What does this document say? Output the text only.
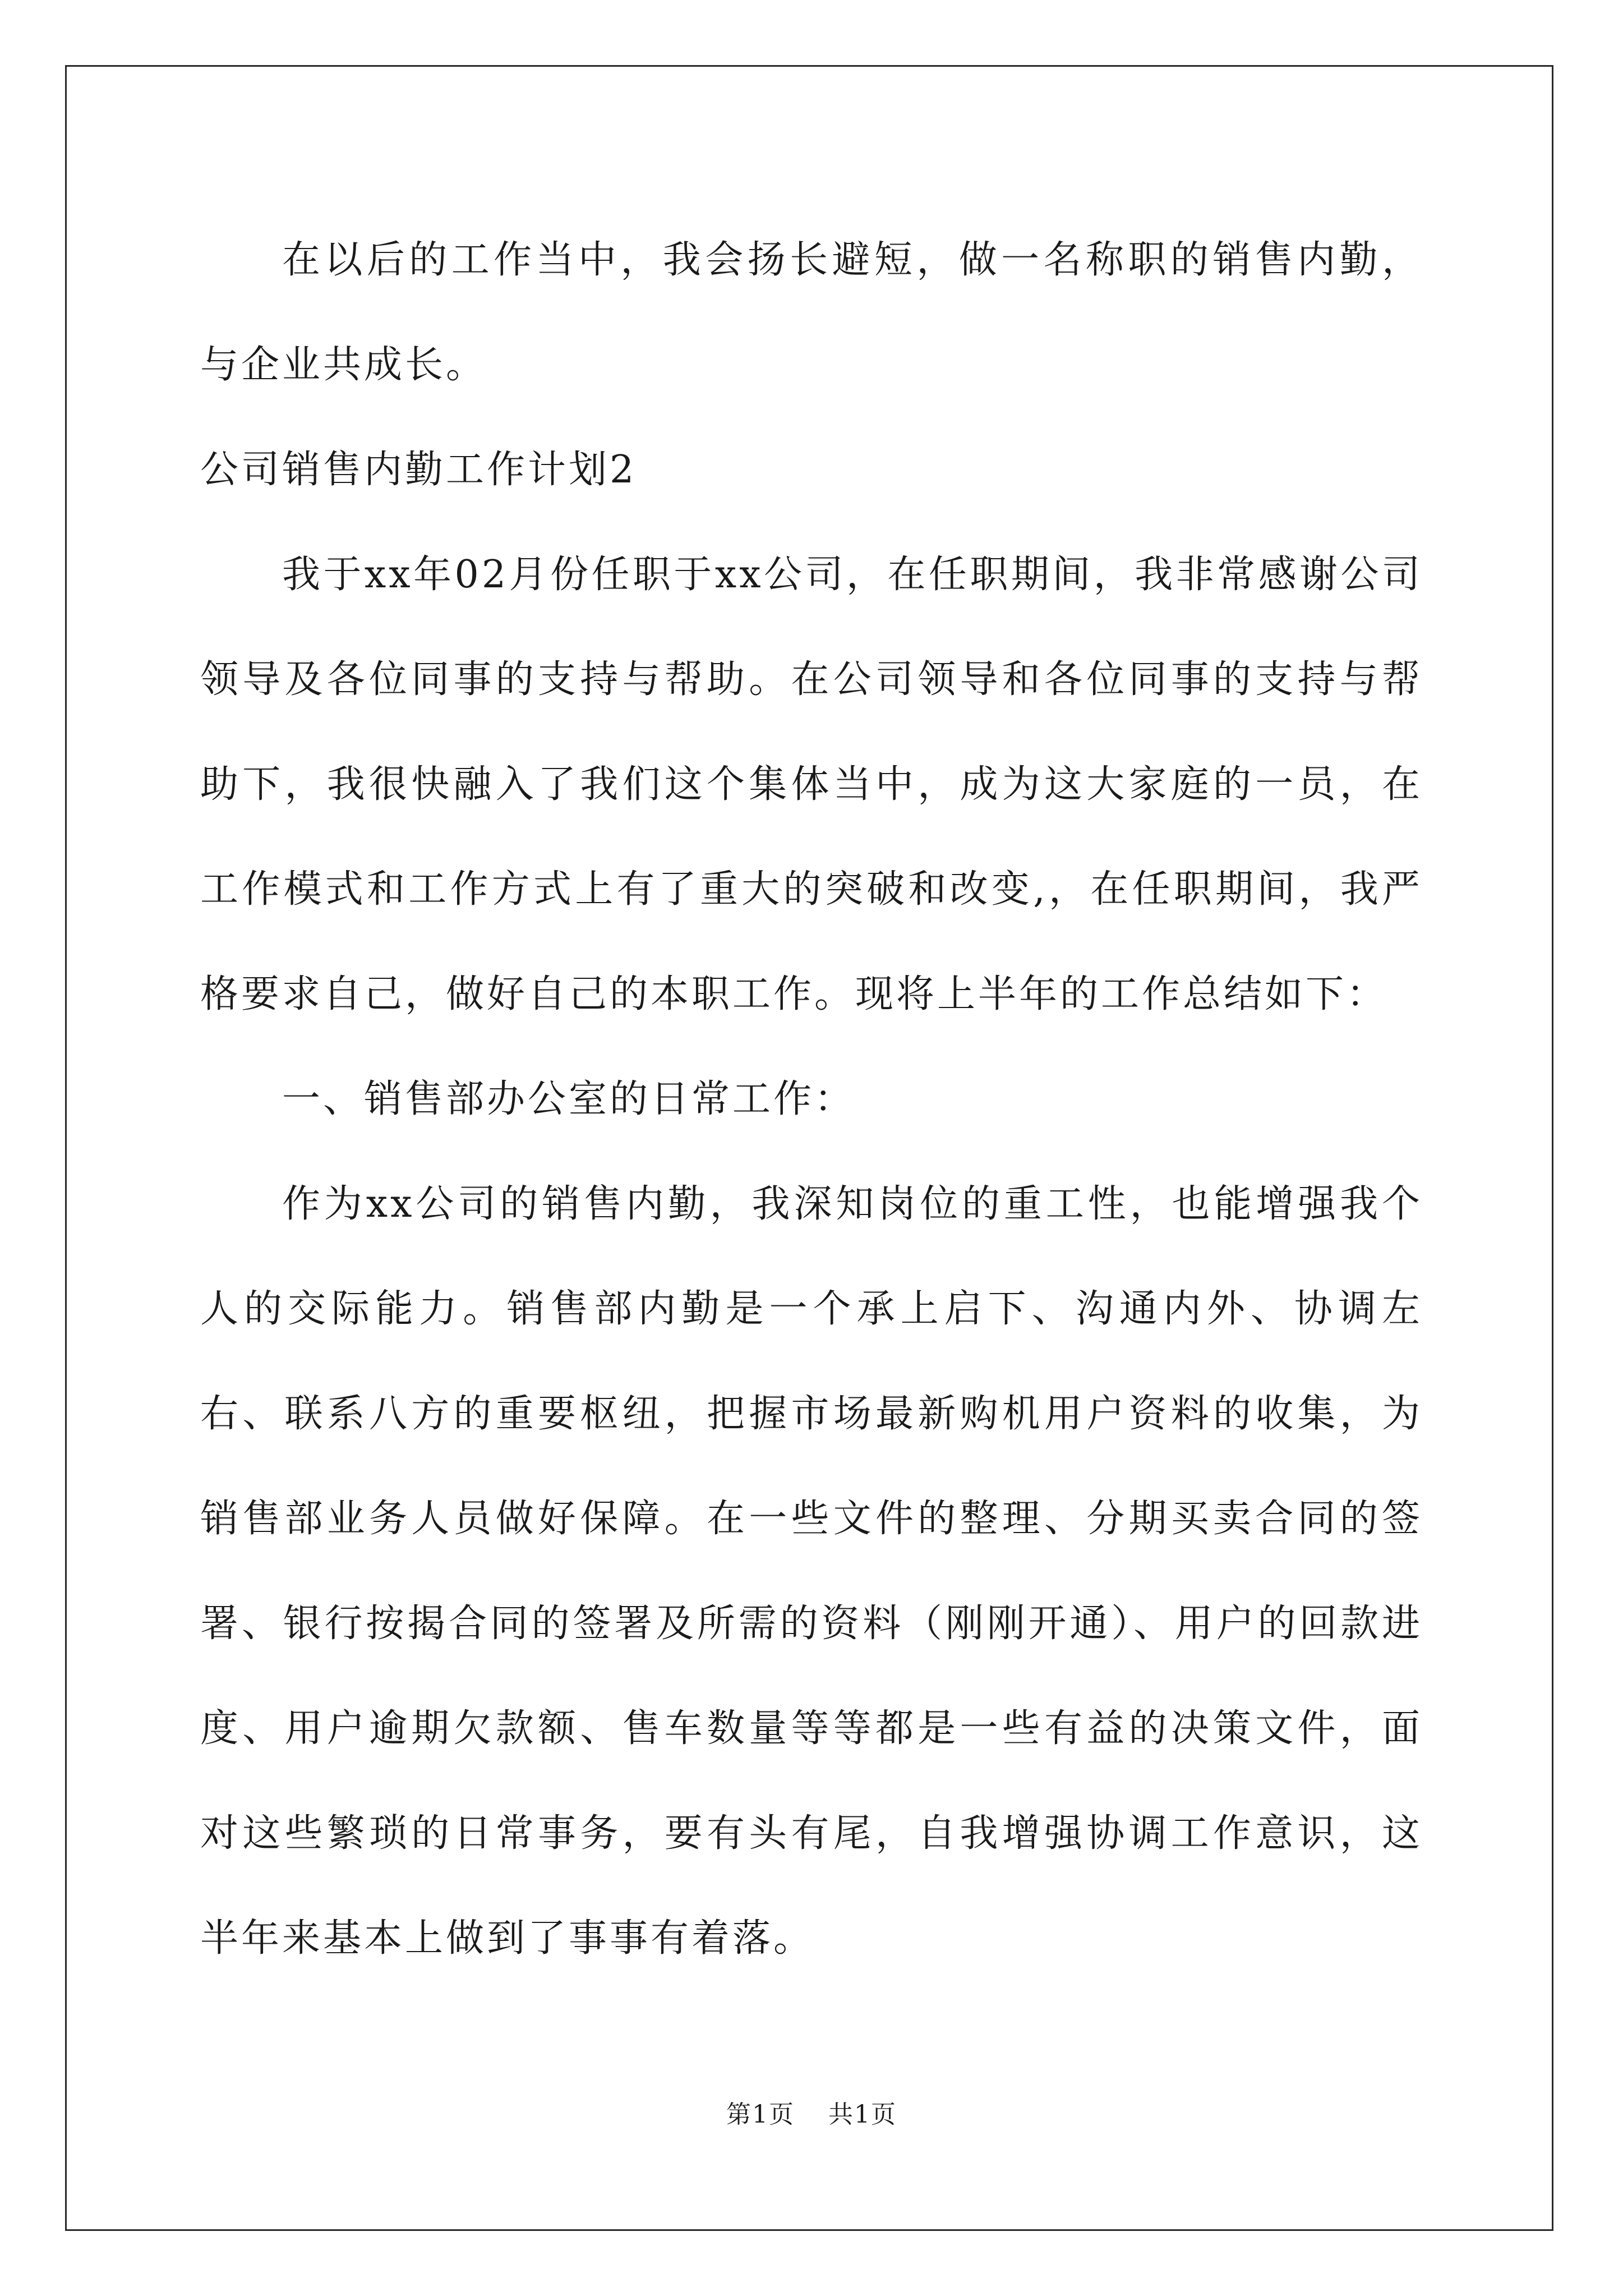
在以后的工作当中，我会扬长避短，做一名称职的销售内勤，与企业共成长。

公司销售内勤工作计划2

我于xx年02月份任职于xx公司，在任职期间，我非常感谢公司领导及各位同事的支持与帮助。在公司领导和各位同事的支持与帮助下，我很快融入了我们这个集体当中，成为这大家庭的一员，在工作模式和工作方式上有了重大的突破和改变,，在任职期间，我严格要求自己，做好自己的本职工作。现将上半年的工作总结如下：

一、销售部办公室的日常工作：

作为xx公司的销售内勤，我深知岗位的重工性，也能增强我个人的交际能力。销售部内勤是一个承上启下、沟通内外、协调左右、联系八方的重要枢纽，把握市场最新购机用户资料的收集，为销售部业务人员做好保障。在一些文件的整理、分期买卖合同的签署、银行按揭合同的签署及所需的资料（刚刚开通）、用户的回款进度、用户逾期欠款额、售车数量等等都是一些有益的决策文件，面对这些繁琐的日常事务，要有头有尾，自我增强协调工作意识，这半年来基本上做到了事事有着落。

第1页 共1页
